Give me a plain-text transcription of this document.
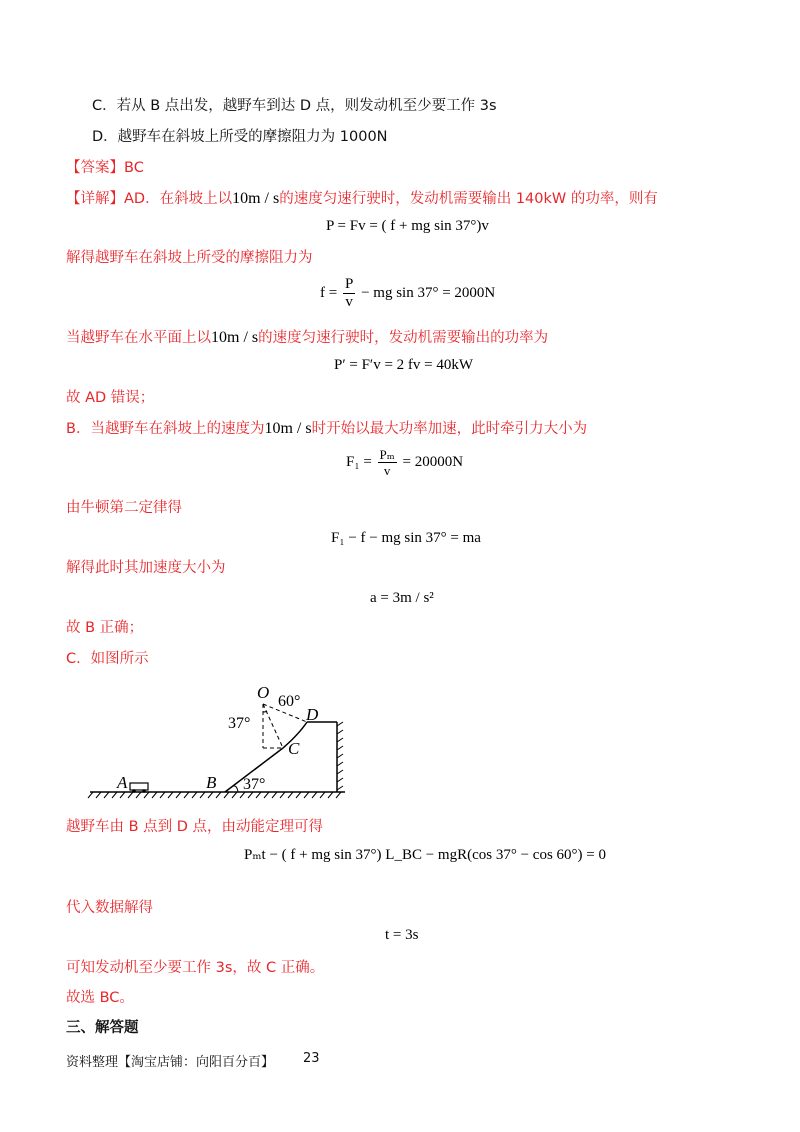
C．若从 B 点出发，越野车到达 D 点，则发动机至少要工作 3s
D．越野车在斜坡上所受的摩擦阻力为 1000N
【答案】BC
【详解】AD．在斜坡上以10m / s的速度匀速行驶时，发动机需要输出 140kW 的功率，则有
P = Fv = ( f + mg sin 37°)v
解得越野车在斜坡上所受的摩擦阻力为
$f = \frac{P}{v}$ − mg sin 37° = 2000N
当越野车在水平面上以10m / s的速度匀速行驶时，发动机需要输出的功率为
P′ = F′v = 2 fv = 40kW
故 AD 错误；
B．当越野车在斜坡上的速度为10m / s时开始以最大功率加速，此时牵引力大小为
$F_1 = \frac{\text{Pₘ}}{v} = 20000N$
由牛顿第二定律得
F₁ − f − mg sin 37° = ma
解得此时其加速度大小为
a = 3m / s²
故 B 正确；
C．如图所示
O
D
C
A	B
60°
37°
37°
越野车由 B 点到 D 点，由动能定理可得
Pₘt − ( f + mg sin 37°) L_BC − mgR(cos 37° − cos 60°) = 0
代入数据解得
t = 3s
可知发动机至少要工作 3s，故 C 正确。
故选 BC。
三、解答题
资料整理【淘宝店铺：向阳百分百】 23
